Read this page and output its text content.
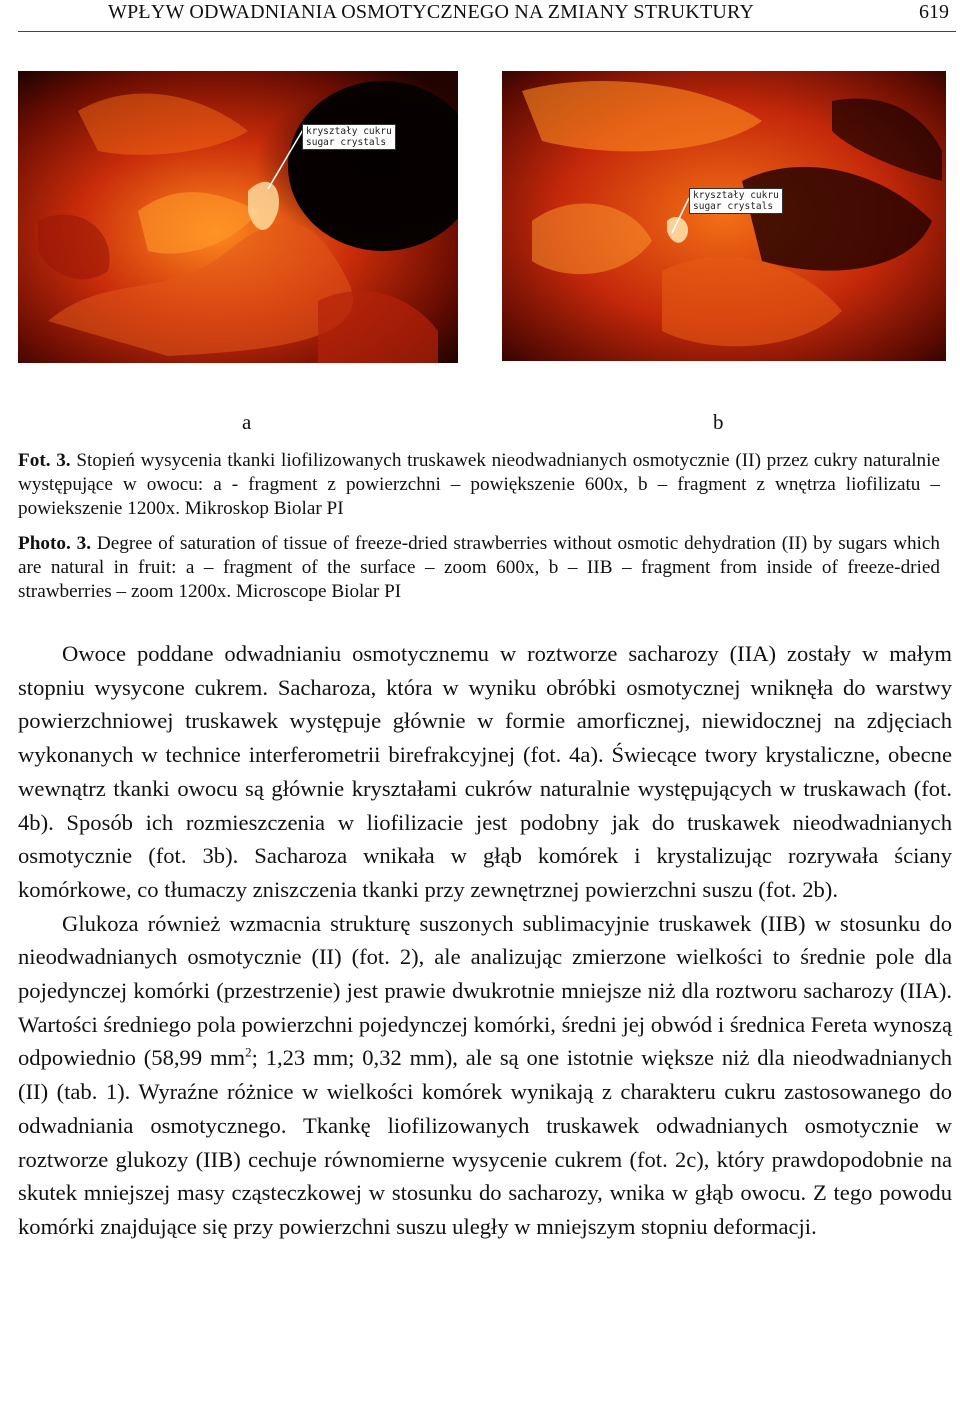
WPŁYW ODWADNIANIA OSMOTYCZNEGO NA ZMIANY STRUKTURY	619
kryształy cukru
sugar crystals
kryształy cukru
sugar crystals
a	b
Fot. 3. Stopień wysycenia tkanki liofilizowanych truskawek nieodwadnianych osmotycznie (II) przez cukry naturalnie występujące w owocu: a - fragment z powierzchni – powiększenie 600x, b – fragment z wnętrza liofilizatu – powiekszenie 1200x. Mikroskop Biolar PI
Photo. 3. Degree of saturation of tissue of freeze-dried strawberries without osmotic dehydration (II) by sugars which are natural in fruit: a – fragment of the surface – zoom 600x, b – IIB – fragment from inside of freeze-dried strawberries – zoom 1200x. Microscope Biolar PI

Owoce poddane odwadnianiu osmotycznemu w roztworze sacharozy (IIA) zostały w małym stopniu wysycone cukrem. Sacharoza, która w wyniku obróbki osmotycznej wniknęła do warstwy powierzchniowej truskawek występuje głównie w formie amorficznej, niewidocznej na zdjęciach wykonanych w technice interferometrii birefrakcyjnej (fot. 4a). Świecące twory krystaliczne, obecne wewnątrz tkanki owocu są głównie kryształami cukrów naturalnie występujących w truskawach (fot. 4b). Sposób ich rozmieszczenia w liofilizacie jest podobny jak do truskawek nieodwadnianych osmotycznie (fot. 3b). Sacharoza wnikała w głąb komórek i krystalizując rozrywała ściany komórkowe, co tłumaczy zniszczenia tkanki przy zewnętrznej powierzchni suszu (fot. 2b).

Glukoza również wzmacnia strukturę suszonych sublimacyjnie truskawek (IIB) w stosunku do nieodwadnianych osmotycznie (II) (fot. 2), ale analizując zmierzone wielkości to średnie pole dla pojedynczej komórki (przestrzenie) jest prawie dwukrotnie mniejsze niż dla roztworu sacharozy (IIA). Wartości średniego pola powierzchni pojedynczej komórki, średni jej obwód i średnica Fereta wynoszą odpowiednio (58,99 $mm^2$; 1,23 mm; 0,32 mm), ale są one istotnie większe niż dla nieodwadnianych (II) (tab. 1). Wyraźne różnice w wielkości komórek wynikają z charakteru cukru zastosowanego do odwadniania osmotycznego. Tkankę liofilizowanych truskawek odwadnianych osmotycznie w roztworze glukozy (IIB) cechuje równomierne wysycenie cukrem (fot. 2c), który prawdopodobnie na skutek mniejszej masy cząsteczkowej w stosunku do sacharozy, wnika w głąb owocu. Z tego powodu komórki znajdujące się przy powierzchni suszu uległy w mniejszym stopniu deformacji.
